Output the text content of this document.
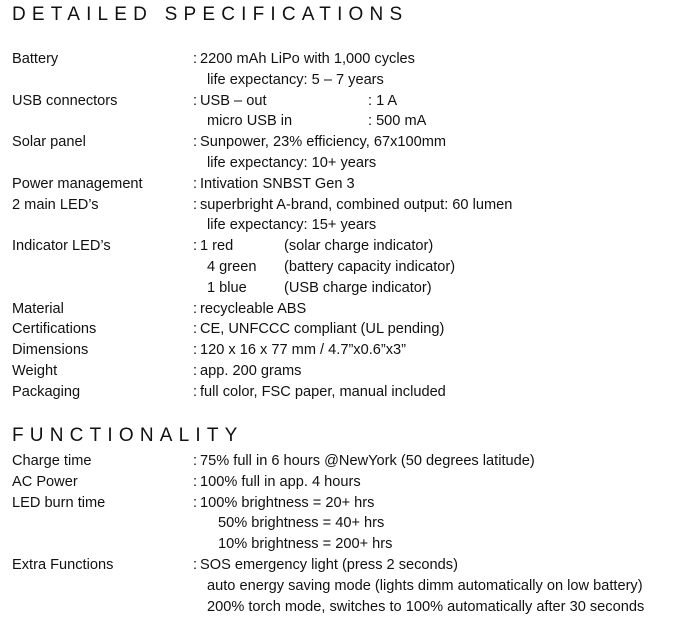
DETAILED SPECIFICATIONS
Battery	: 2200 mAh LiPo with 1,000 cycles
life expectancy: 5 – 7 years
USB connectors	: USB – out	: 1 A
micro USB in	: 500 mA
Solar panel	: Sunpower, 23% efficiency, 67x100mm
life expectancy: 10+ years
Power management	: Intivation SNBST Gen 3
2 main LED’s	: superbright A-brand, combined output: 60 lumen
life expectancy: 15+ years
Indicator LED’s	: 1 red	(solar charge indicator)
4 green	(battery capacity indicator)
1 blue	(USB charge indicator)
Material	: recycleable ABS
Certifications	: CE, UNFCCC compliant (UL pending)
Dimensions	: 120 x 16 x 77 mm / 4.7”x0.6”x3”
Weight	: app. 200 grams
Packaging	: full color, FSC paper, manual included
FUNCTIONALITY
Charge time	: 75% full in 6 hours @NewYork (50 degrees latitude)
AC Power	: 100% full in app. 4 hours
LED burn time	: 100% brightness = 20+ hrs
50% brightness = 40+ hrs
10% brightness = 200+ hrs
Extra Functions	: SOS emergency light (press 2 seconds)
auto energy saving mode (lights dimm automatically on low battery)
200% torch mode, switches to 100% automatically after 30 seconds
